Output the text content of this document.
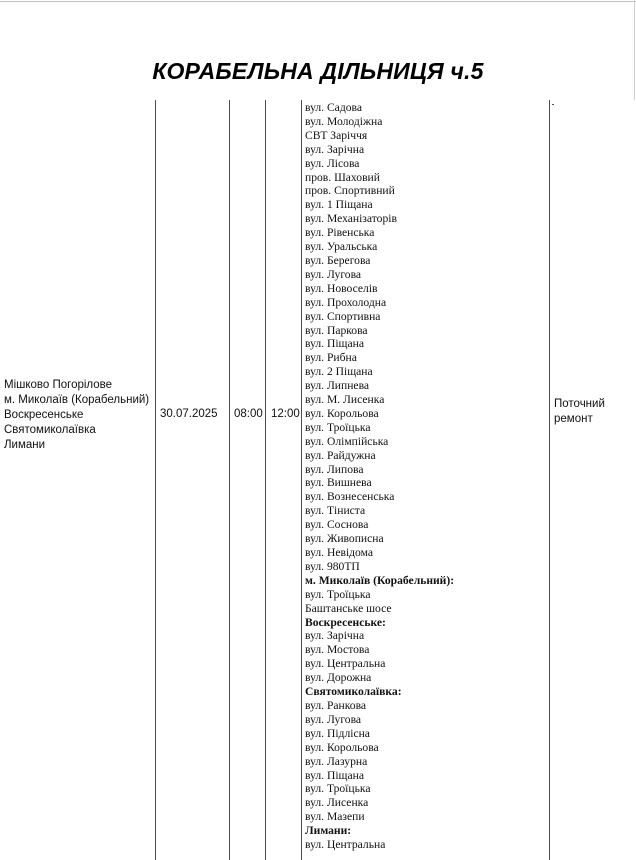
КОРАБЕЛЬНА ДІЛЬНИЦЯ ч.5
Мішково Погорілове
м. Миколаїв (Корабельний)
Воскресенське
Святомиколаївка
Лимани
30.07.2025 08:00 12:00
вул. Садова
вул. Молодіжна
СВТ Заріччя
вул. Зарічна
вул. Лісова
пров. Шаховий
пров. Спортивний
вул. 1 Піщана
вул. Механізаторів
вул. Рівенська
вул. Уральська
вул. Берегова
вул. Лугова
вул. Новоселів
вул. Прохолодна
вул. Спортивна
вул. Паркова
вул. Піщана
вул. Рибна
вул. 2 Піщана
вул. Липнева
вул. М. Лисенка
вул. Корольова
вул. Троїцька
вул. Олімпійська
вул. Райдужна
вул. Липова
вул. Вишнева
вул. Вознесенська
вул. Тіниста
вул. Соснова
вул. Живописна
вул. Невідома
вул. 980ТП
м. Миколаїв (Корабельний):
вул. Троїцька
Баштанське шосе
Воскресенське:
вул. Зарічна
вул. Мостова
вул. Центральна
вул. Дорожна
Святомиколаївка:
вул. Ранкова
вул. Лугова
вул. Підлісна
вул. Корольова
вул. Лазурна
вул. Піщана
вул. Троїцька
вул. Лисенка
вул. Мазепи
Лимани:
вул. Центральна
Поточний
ремонт
